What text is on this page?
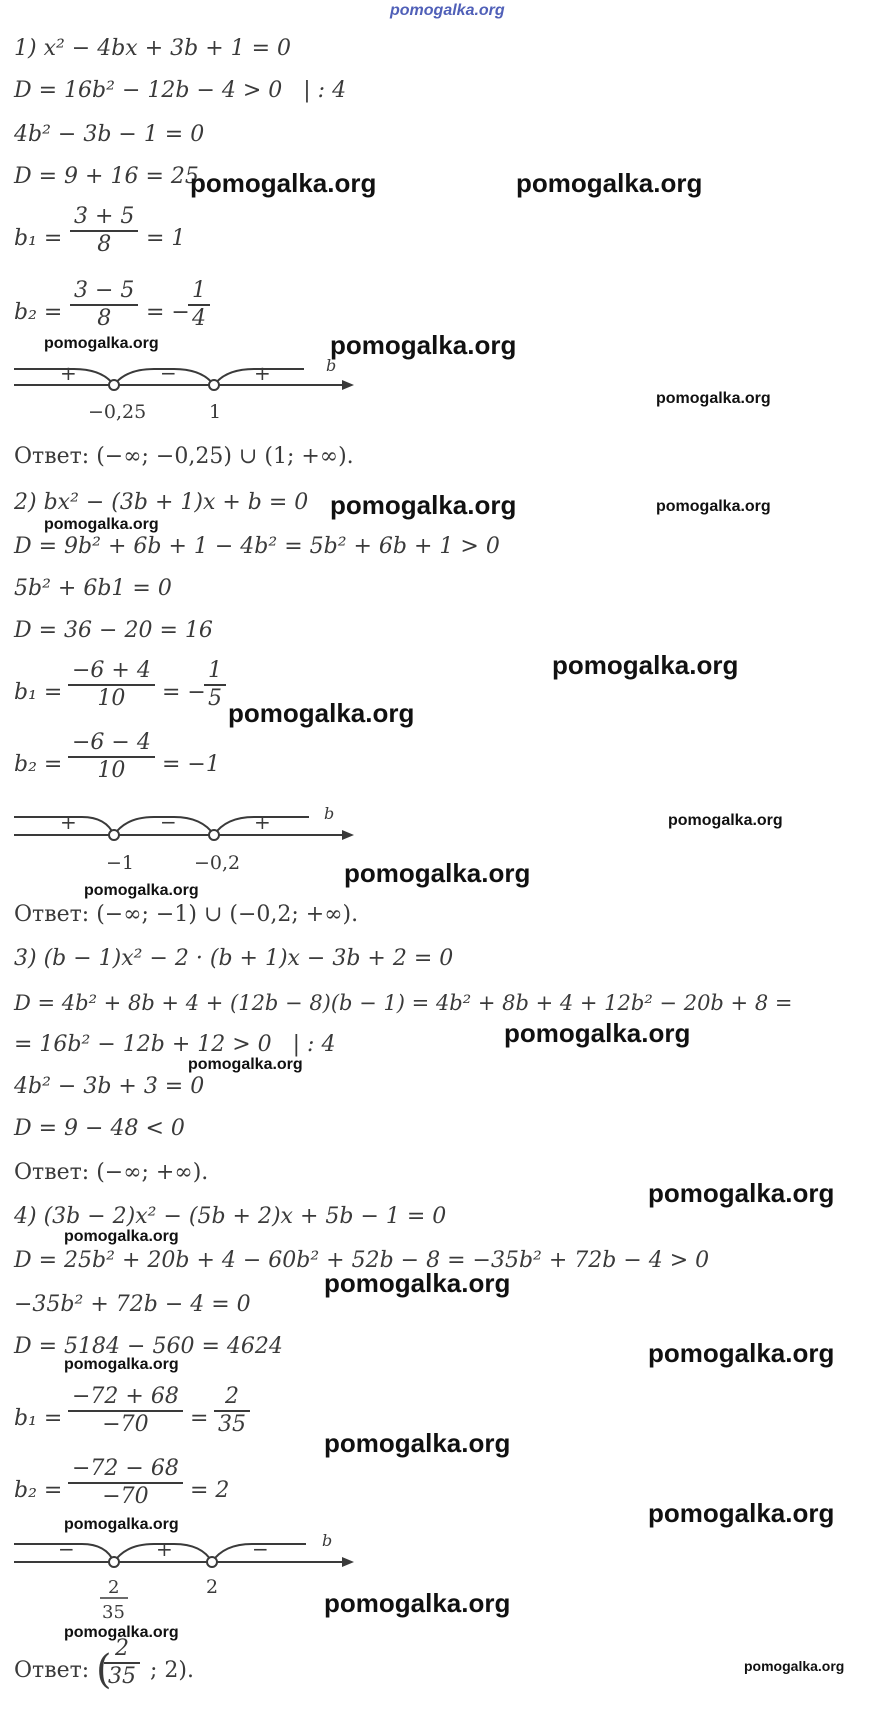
pomogalka.org
1) x² − 4bx + 3b + 1 = 0
D = 16b² − 12b − 4 > 0   | : 4
4b² − 3b − 1 = 0
D = 9 + 16 = 25
$b_1 = \frac{3 + 5}{8} = 1$
$b_2 = \frac{3 - 5}{8}$ = −
$\frac{1}{4}$
+	−	+	b
−0,25	1
Ответ: (−∞; −0,25) ∪ (1; +∞).
2) bx² − (3b + 1)x + b = 0
D = 9b² + 6b + 1 − 4b² = 5b² + 6b + 1 > 0
5b² + 6b1 = 0
D = 36 − 20 = 16
$b_1 = \frac{-6 + 4}{10}$ = −
$\frac{1}{5}$
$b_2 = \frac{-6 - 4}{10} = -1$
+	−	+	b
−1	−0,2
Ответ: (−∞; −1) ∪ (−0,2; +∞).
3) (b − 1)x² − 2 · (b + 1)x − 3b + 2 = 0
D = 4b² + 8b + 4 + (12b − 8)(b − 1) = 4b² + 8b + 4 + 12b² − 20b + 8 =
= 16b² − 12b + 12 > 0   | : 4
4b² − 3b + 3 = 0
D = 9 − 48 < 0
Ответ: (−∞; +∞).
4) (3b − 2)x² − (5b + 2)x + 5b − 1 = 0
D = 25b² + 20b + 4 − 60b² + 52b − 8 = −35b² + 72b − 4 > 0
−35b² + 72b − 4 = 0
D = 5184 − 560 = 4624
$b_1 = \frac{-72 + 68}{-70} = \frac{2}{35}$
$b_2 = \frac{-72 - 68}{-70} = 2$
−	+	−	b
2
35
2
Ответ: (
$\frac{2}{35}$ ; 2).
pomogalka.org	pomogalka.org
pomogalka.org
pomogalka.org
pomogalka.org
pomogalka.org
pomogalka.org
pomogalka.org
pomogalka.org
pomogalka.org
pomogalka.org
pomogalka.org
pomogalka.org
pomogalka.org
pomogalka.org
pomogalka.org
pomogalka.org
pomogalka.org
pomogalka.org
pomogalka.org
pomogalka.org
pomogalka.org
pomogalka.org
pomogalka.org
pomogalka.org
pomogalka.org
